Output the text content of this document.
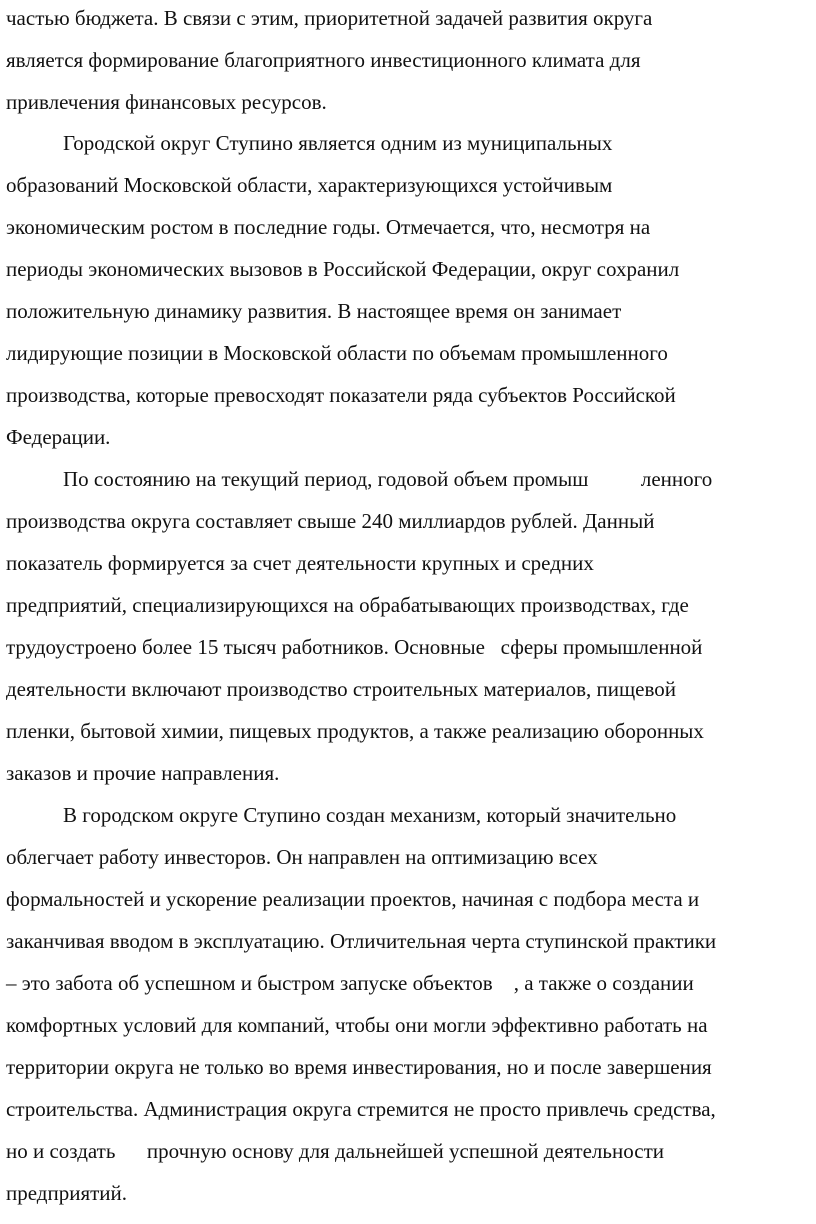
частью бюджета. В связи с этим, приоритетной задачей развития округа
является формирование благоприятного инвестиционного климата для
привлечения финансовых ресурсов.
Городской округ Ступино является одним из муниципальных
образований Московской области, характеризующихся устойчивым
экономическим ростом в последние годы. Отмечается, что, несмотря на
периоды экономических вызовов в Российской Федерации, округ сохранил
положительную динамику развития. В настоящее время он занимает
лидирующие позиции в Московской области по объемам промышленного
производства, которые превосходят показатели ряда субъектов Российской
Федерации.
По состоянию на текущий период, годовой объем промыш          ленного
производства округа составляет свыше 240 миллиардов рублей. Данный
показатель формируется за счет деятельности крупных и средних
предприятий, специализирующихся на обрабатывающих производствах, где
трудоустроено более 15 тысяч работников. Основные   сферы промышленной
деятельности включают производство строительных материалов, пищевой
пленки, бытовой химии, пищевых продуктов, а также реализацию оборонных
заказов и прочие направления.
В городском округе Ступино создан механизм, который значительно
облегчает работу инвесторов. Он направлен на оптимизацию всех
формальностей и ускорение реализации проектов, начиная с подбора места и
заканчивая вводом в эксплуатацию. Отличительная черта ступинской практики
– это забота об успешном и быстром запуске объектов    , а также о создании
комфортных условий для компаний, чтобы они могли эффективно работать на
территории округа не только во время инвестирования, но и после завершения
строительства. Администрация округа стремится не просто привлечь средства,
но и создать      прочную основу для дальнейшей успешной деятельности
предприятий.
